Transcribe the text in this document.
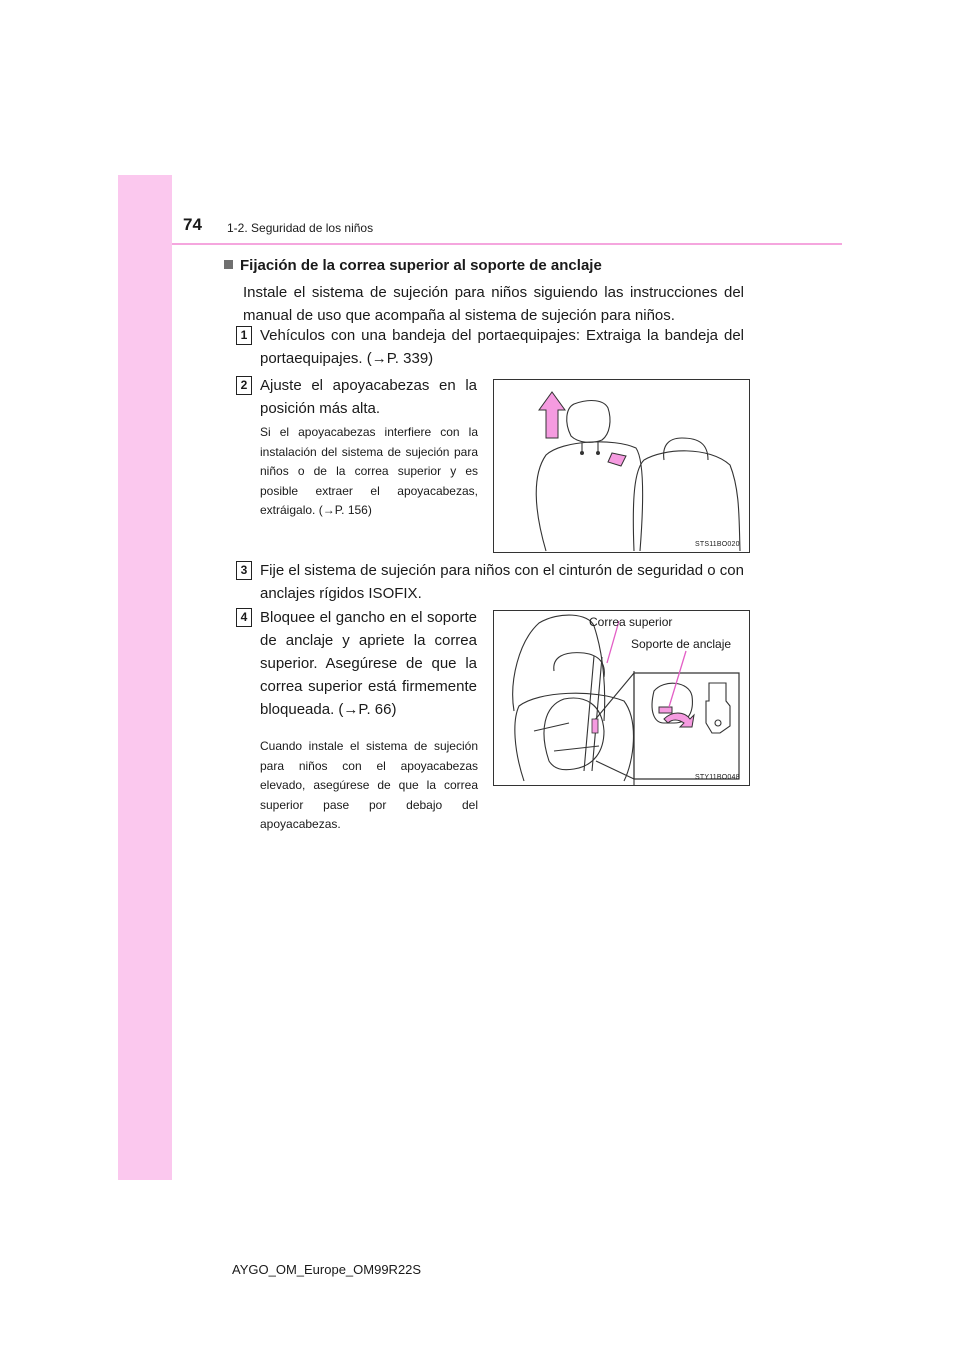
74 1-2. Seguridad de los niños
Fijación de la correa superior al soporte de anclaje
Instale el sistema de sujeción para niños siguiendo las instrucciones del manual de uso que acompaña al sistema de sujeción para niños.
1 Vehículos con una bandeja del portaequipajes: Extraiga la bandeja del portaequipajes. (→P. 339)
2 Ajuste el apoyacabezas en la posición más alta.
Si el apoyacabezas interfiere con la instalación del sistema de sujeción para niños o de la correa superior y es posible extraer el apoyacabezas, extráigalo. (→P. 156)
STS11BO020
3 Fije el sistema de sujeción para niños con el cinturón de seguridad o con anclajes rígidos ISOFIX.
4 Bloquee el gancho en el soporte de anclaje y apriete la correa superior. Asegúrese de que la correa superior está firmemente bloqueada. (→P. 66)
Cuando instale el sistema de sujeción para niños con el apoyacabezas elevado, asegúrese de que la correa superior pase por debajo del apoyacabezas.
Correa superior
Soporte de anclaje
STY11BO048
AYGO_OM_Europe_OM99R22S
